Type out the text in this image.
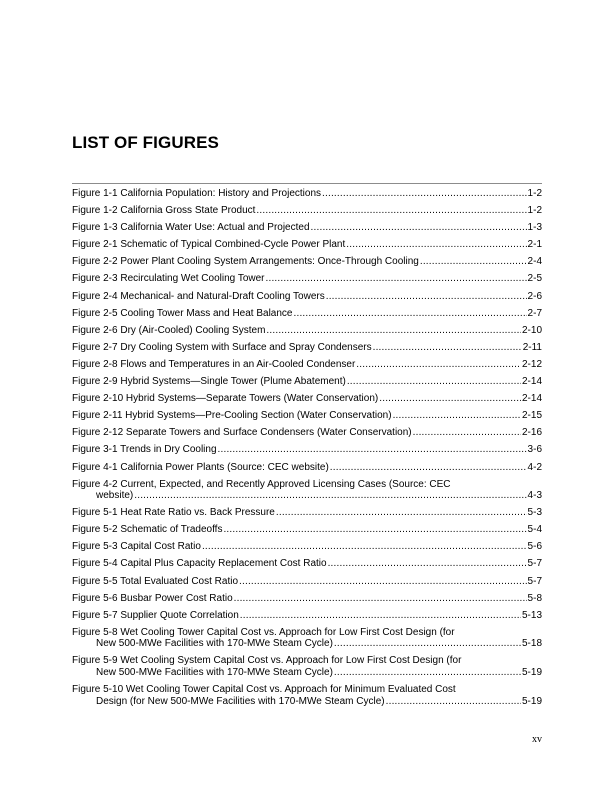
LIST OF FIGURES
Figure 1-1 California Population: History and Projections .....	1-2
Figure 1-2 California Gross State Product .....	1-2
Figure 1-3 California Water Use: Actual and Projected .....	1-3
Figure 2-1 Schematic of Typical Combined-Cycle Power Plant .....	2-1
Figure 2-2 Power Plant Cooling System Arrangements: Once-Through Cooling .....	2-4
Figure 2-3 Recirculating Wet Cooling Tower .....	2-5
Figure 2-4 Mechanical- and Natural-Draft Cooling Towers .....	2-6
Figure 2-5 Cooling Tower Mass and Heat Balance .....	2-7
Figure 2-6 Dry (Air-Cooled) Cooling System .....	2-10
Figure 2-7 Dry Cooling System with Surface and Spray Condensers .....	2-11
Figure 2-8 Flows and Temperatures in an Air-Cooled Condenser .....	2-12
Figure 2-9 Hybrid Systems—Single Tower (Plume Abatement) .....	2-14
Figure 2-10 Hybrid Systems—Separate Towers (Water Conservation) .....	2-14
Figure 2-11 Hybrid Systems—Pre-Cooling Section (Water Conservation) .....	2-15
Figure 2-12 Separate Towers and Surface Condensers (Water Conservation) .....	2-16
Figure 3-1 Trends in Dry Cooling .....	3-6
Figure 4-1 California Power Plants (Source: CEC website) .....	4-2
Figure 4-2 Current, Expected, and Recently Approved Licensing Cases (Source: CEC
website) .....	4-3
Figure 5-1 Heat Rate Ratio vs. Back Pressure .....	5-3
Figure 5-2 Schematic of Tradeoffs .....	5-4
Figure 5-3 Capital Cost Ratio .....	5-6
Figure 5-4 Capital Plus Capacity Replacement Cost Ratio .....	5-7
Figure 5-5 Total Evaluated Cost Ratio .....	5-7
Figure 5-6 Busbar Power Cost Ratio .....	5-8
Figure 5-7 Supplier Quote Correlation .....	5-13
Figure 5-8 Wet Cooling Tower Capital Cost vs. Approach for Low First Cost Design (for
New 500-MWe Facilities with 170-MWe Steam Cycle) .....	5-18
Figure 5-9 Wet Cooling System Capital Cost vs. Approach for Low First Cost Design (for
New 500-MWe Facilities with 170-MWe Steam Cycle) .....	5-19
Figure 5-10 Wet Cooling Tower Capital Cost vs. Approach for Minimum Evaluated Cost
Design (for New 500-MWe Facilities with 170-MWe Steam Cycle) .....	5-19
xv
